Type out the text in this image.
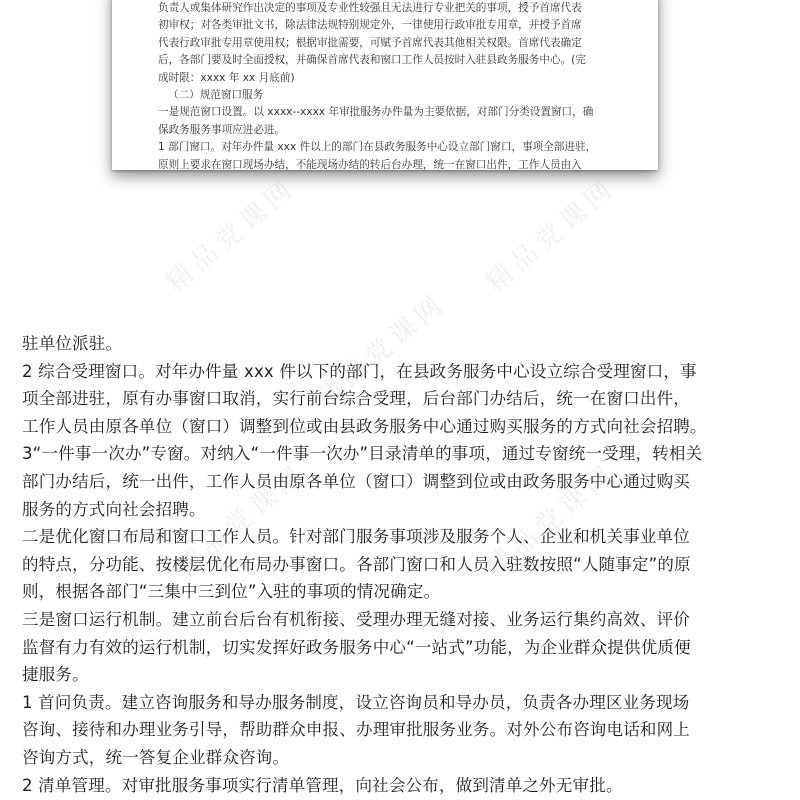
负责人或集体研究作出决定的事项及专业性较强且无法进行专业把关的事项，授予首席代表

初审权；对各类审批文书，除法律法规特别规定外，一律使用行政审批专用章，并授予首席

代表行政审批专用章使用权；根据审批需要，可赋予首席代表其他相关权限。首席代表确定

后，各部门要及时全面授权，并确保首席代表和窗口工作人员按时入驻县政务服务中心。(完

成时限：xxxx 年 xx 月底前)

（二）规范窗口服务

一是规范窗口设置。以 xxxx--xxxx 年审批服务办件量为主要依据，对部门分类设置窗口，确

保政务服务事项应进必进。

1 部门窗口。对年办件量 xxx 件以上的部门在县政务服务中心设立部门窗口，事项全部进驻，

原则上要求在窗口现场办结，不能现场办结的转后台办理，统一在窗口出件，工作人员由入

精品党课网	精品党课网
精品党课网
精品党课网	精品党课网

驻单位派驻。

2 综合受理窗口。对年办件量 xxx 件以下的部门，在县政务服务中心设立综合受理窗口，事

项全部进驻，原有办事窗口取消，实行前台综合受理，后台部门办结后，统一在窗口出件，

工作人员由原各单位（窗口）调整到位或由县政务服务中心通过购买服务的方式向社会招聘。

3“一件事一次办”专窗。对纳入“一件事一次办”目录清单的事项，通过专窗统一受理，转相关

部门办结后，统一出件，工作人员由原各单位（窗口）调整到位或由政务服务中心通过购买

服务的方式向社会招聘。

二是优化窗口布局和窗口工作人员。针对部门服务事项涉及服务个人、企业和机关事业单位

的特点，分功能、按楼层优化布局办事窗口。各部门窗口和人员入驻数按照“人随事定”的原

则，根据各部门“三集中三到位”入驻的事项的情况确定。

三是窗口运行机制。建立前台后台有机衔接、受理办理无缝对接、业务运行集约高效、评价

监督有力有效的运行机制，切实发挥好政务服务中心“一站式”功能，为企业群众提供优质便

捷服务。

1 首问负责。建立咨询服务和导办服务制度，设立咨询员和导办员，负责各办理区业务现场

咨询、接待和办理业务引导，帮助群众申报、办理审批服务业务。对外公布咨询电话和网上

咨询方式，统一答复企业群众咨询。

2 清单管理。对审批服务事项实行清单管理，向社会公布，做到清单之外无审批。
